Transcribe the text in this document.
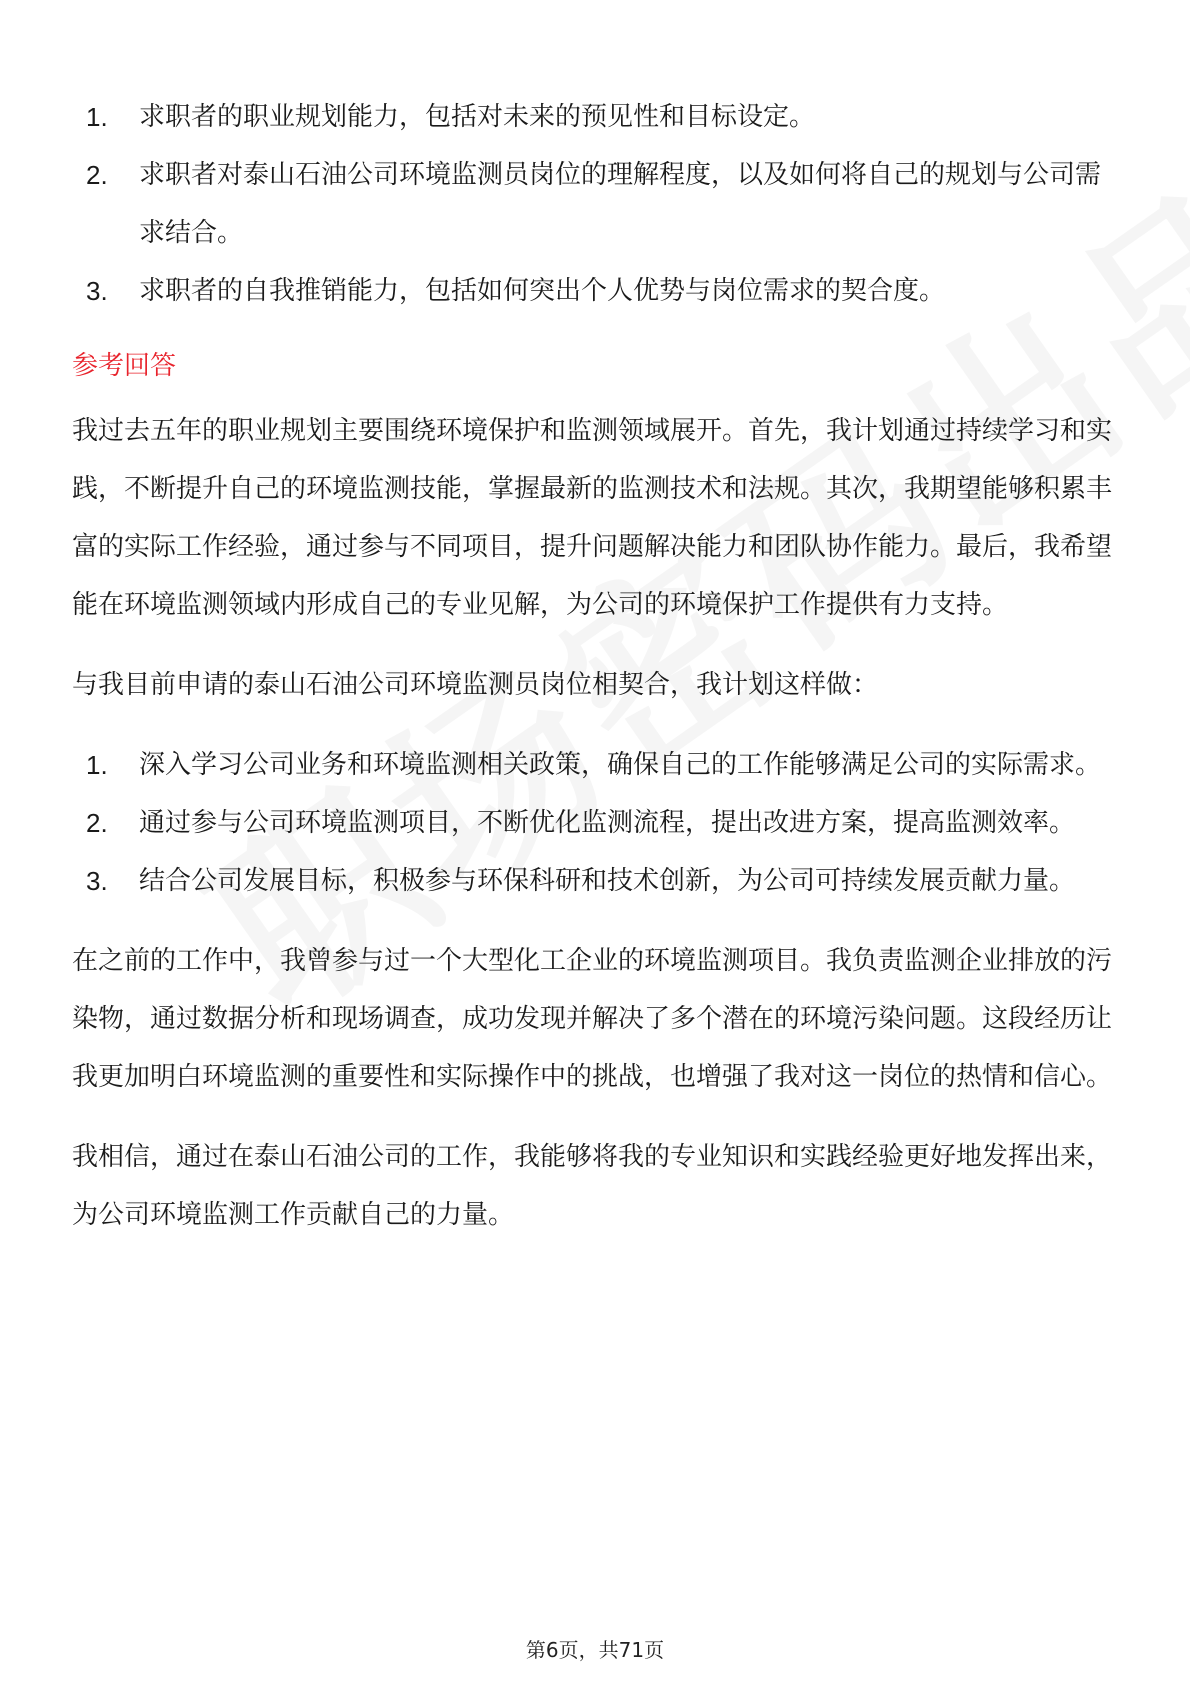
1.	求职者的职业规划能力，包括对未来的预见性和目标设定。
2.	求职者对泰山石油公司环境监测员岗位的理解程度，以及如何将自己的规划与公司需求结合。
3.	求职者的自我推销能力，包括如何突出个人优势与岗位需求的契合度。
参考回答

我过去五年的职业规划主要围绕环境保护和监测领域展开。首先，我计划通过持续学习和实践，不断提升自己的环境监测技能，掌握最新的监测技术和法规。其次，我期望能够积累丰富的实际工作经验，通过参与不同项目，提升问题解决能力和团队协作能力。最后，我希望能在环境监测领域内形成自己的专业见解，为公司的环境保护工作提供有力支持。

与我目前申请的泰山石油公司环境监测员岗位相契合，我计划这样做：

1.	深入学习公司业务和环境监测相关政策，确保自己的工作能够满足公司的实际需求。
2.	通过参与公司环境监测项目，不断优化监测流程，提出改进方案，提高监测效率。
3.	结合公司发展目标，积极参与环保科研和技术创新，为公司可持续发展贡献力量。

在之前的工作中，我曾参与过一个大型化工企业的环境监测项目。我负责监测企业排放的污染物，通过数据分析和现场调查，成功发现并解决了多个潜在的环境污染问题。这段经历让我更加明白环境监测的重要性和实际操作中的挑战，也增强了我对这一岗位的热情和信心。

我相信，通过在泰山石油公司的工作，我能够将我的专业知识和实践经验更好地发挥出来，为公司环境监测工作贡献自己的力量。

第6页，共71页
